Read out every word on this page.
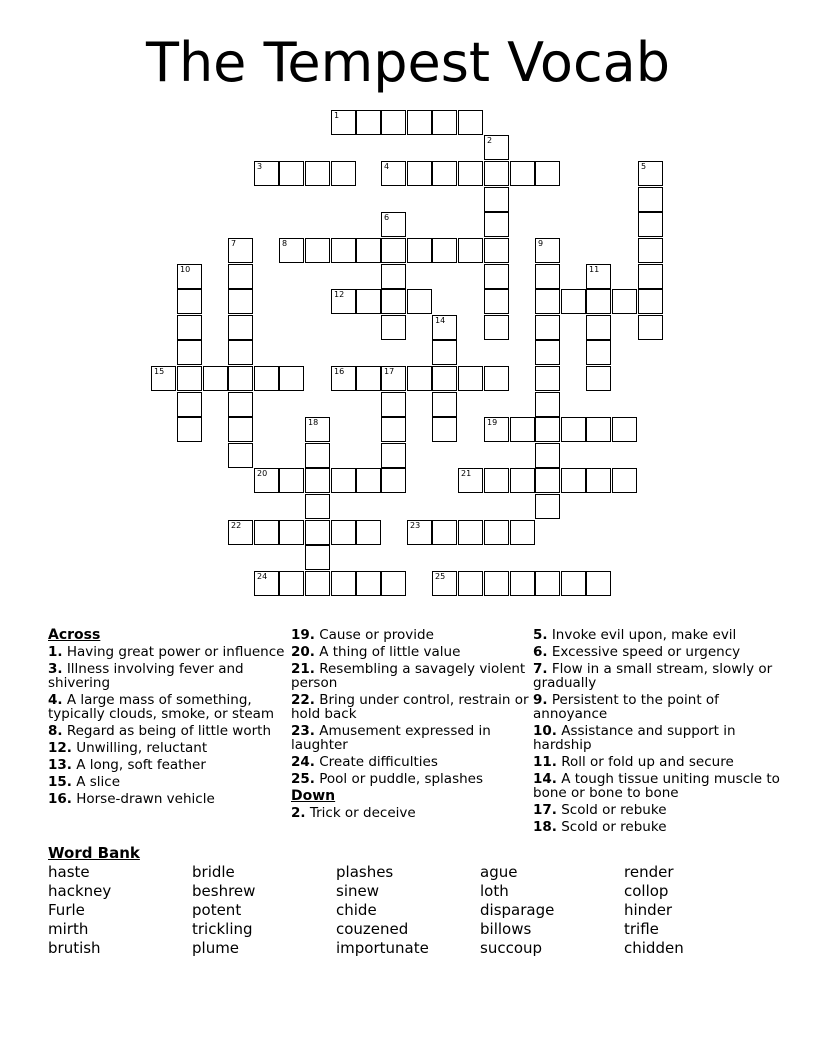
The Tempest Vocab
1
2
3	4	5
6
7	8	9
10	11
12
14
15	16	17
18	19
20	21
22	23
24	25
Across
1. Having great power or influence
3. Illness involving fever and shivering
4. A large mass of something, typically clouds, smoke, or steam
8. Regard as being of little worth
12. Unwilling, reluctant
13. A long, soft feather
15. A slice
16. Horse-drawn vehicle
19. Cause or provide
20. A thing of little value
21. Resembling a savagely violent person
22. Bring under control, restrain or hold back
23. Amusement expressed in laughter
24. Create difficulties
25. Pool or puddle, splashes
Down
2. Trick or deceive
5. Invoke evil upon, make evil
6. Excessive speed or urgency
7. Flow in a small stream, slowly or gradually
9. Persistent to the point of annoyance
10. Assistance and support in hardship
11. Roll or fold up and secure
14. A tough tissue uniting muscle to bone or bone to bone
17. Scold or rebuke
18. Scold or rebuke
Word Bank
haste
hackney
Furle
mirth
brutish
bridle
beshrew
potent
trickling
plume
plashes
sinew
chide
couzened
importunate
ague
loth
disparage
billows
succoup
render
collop
hinder
trifle
chidden
